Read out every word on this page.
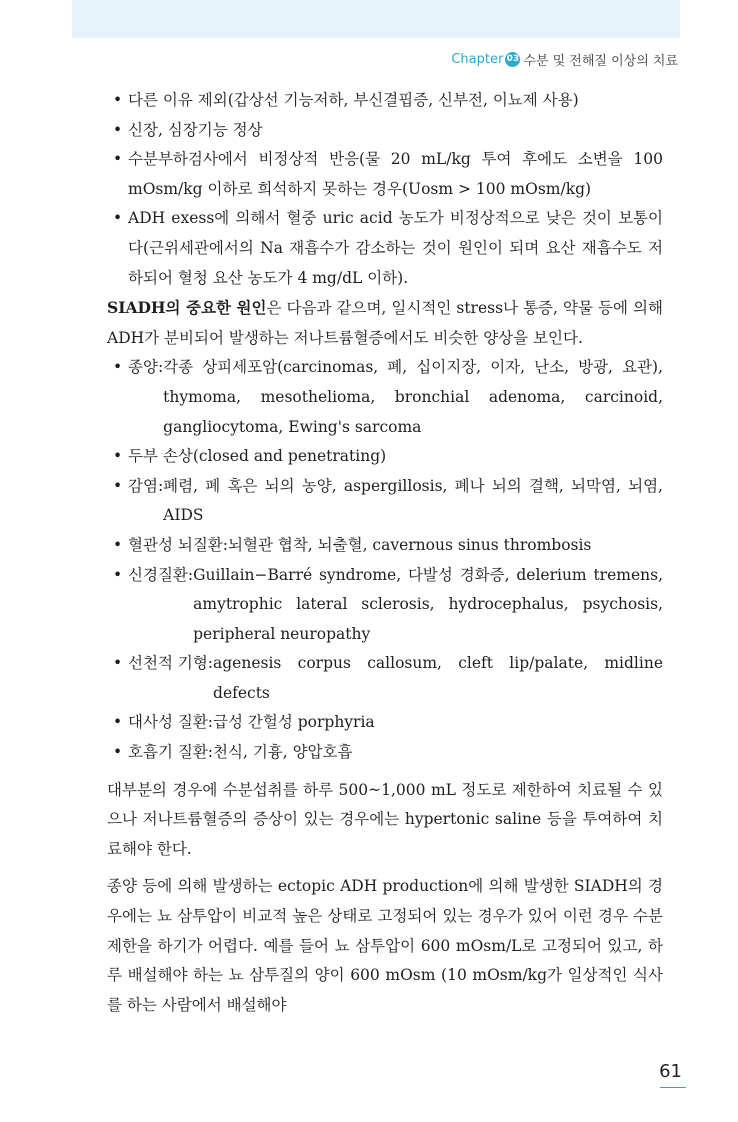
Chapter 03 수분 및 전해질 이상의 치료
• 다른 이유 제외(갑상선 기능저하, 부신결핍증, 신부전, 이뇨제 사용)
• 신장, 심장기능 정상
• 수분부하검사에서 비정상적 반응(물 20 mL/kg 투여 후에도 소변을 100 mOsm/kg 이하로 희석하지 못하는 경우(Uosm > 100 mOsm/kg)
• ADH exess에 의해서 혈중 uric acid 농도가 비정상적으로 낮은 것이 보통이다(근위세관에서의 Na 재흡수가 감소하는 것이 원인이 되며 요산 재흡수도 저하되어 혈청 요산 농도가 4 mg/dL 이하).
SIADH의 중요한 원인은 다음과 같으며, 일시적인 stress나 통증, 약물 등에 의해 ADH가 분비되어 발생하는 저나트륨혈증에서도 비슷한 양상을 보인다.
• 종양: 각종 상피세포암(carcinomas, 폐, 십이지장, 이자, 난소, 방광, 요관), thymoma, mesothelioma, bronchial adenoma, carcinoid, gangliocytoma, Ewing's sarcoma
• 두부 손상 (closed and penetrating)
• 감염: 폐렴, 폐 혹은 뇌의 농양, aspergillosis, 폐나 뇌의 결핵, 뇌막염, 뇌염, AIDS
• 혈관성 뇌질환: 뇌혈관 협착, 뇌출혈, cavernous sinus thrombosis
• 신경질환: Guillain−Barré syndrome, 다발성 경화증, delerium tremens, amytrophic lateral sclerosis, hydrocephalus, psychosis, peripheral neuropathy
• 선천적 기형: agenesis corpus callosum, cleft lip/palate, midline defects
• 대사성 질환: 급성 간헐성 porphyria
• 호흡기 질환: 천식, 기흉, 양압호흡
대부분의 경우에 수분섭취를 하루 500~1,000 mL 정도로 제한하여 치료될 수 있으나 저나트륨혈증의 증상이 있는 경우에는 hypertonic saline 등을 투여하여 치료해야 한다.
종양 등에 의해 발생하는 ectopic ADH production에 의해 발생한 SIADH의 경우에는 뇨 삼투압이 비교적 높은 상태로 고정되어 있는 경우가 있어 이런 경우 수분제한을 하기가 어렵다. 예를 들어 뇨 삼투압이 600 mOsm/L로 고정되어 있고, 하루 배설해야 하는 뇨 삼투질의 양이 600 mOsm (10 mOsm/kg가 일상적인 식사를 하는 사람에서 배설해야
61
